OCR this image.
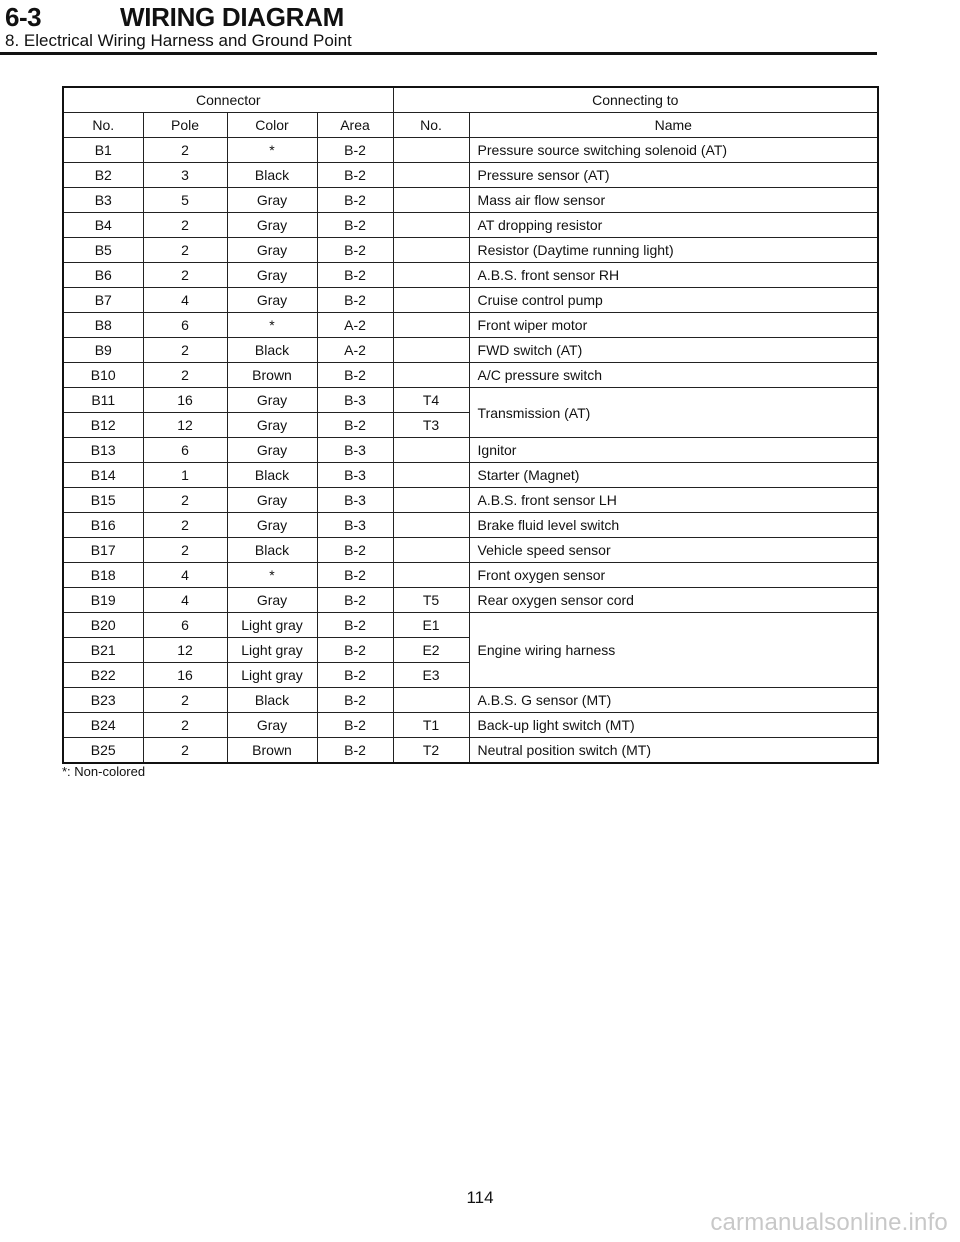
6-3	WIRING DIAGRAM
8. Electrical Wiring Harness and Ground Point
Connector				Connecting to	
No.	Pole	Color	Area	No.	Name
B1	2	*	B-2		Pressure source switching solenoid (AT)
B2	3	Black	B-2		Pressure sensor (AT)
B3	5	Gray	B-2		Mass air flow sensor
B4	2	Gray	B-2		AT dropping resistor
B5	2	Gray	B-2		Resistor (Daytime running light)
B6	2	Gray	B-2		A.B.S. front sensor RH
B7	4	Gray	B-2		Cruise control pump
B8	6	*	A-2		Front wiper motor
B9	2	Black	A-2		FWD switch (AT)
B10	2	Brown	B-2		A/C pressure switch
B11	16	Gray	B-3	T4	Transmission (AT)
B12	12	Gray	B-2	T3	
B13	6	Gray	B-3		Ignitor
B14	1	Black	B-3		Starter (Magnet)
B15	2	Gray	B-3		A.B.S. front sensor LH
B16	2	Gray	B-3		Brake fluid level switch
B17	2	Black	B-2		Vehicle speed sensor
B18	4	*	B-2		Front oxygen sensor
B19	4	Gray	B-2	T5	Rear oxygen sensor cord
B20	6	Light gray	B-2	E1	Engine wiring harness
B21	12	Light gray	B-2	E2	
B22	16	Light gray	B-2	E3	
B23	2	Black	B-2		A.B.S. G sensor (MT)
B24	2	Gray	B-2	T1	Back-up light switch (MT)
B25	2	Brown	B-2	T2	Neutral position switch (MT)
*: Non-colored
114
carmanualsonline.info
